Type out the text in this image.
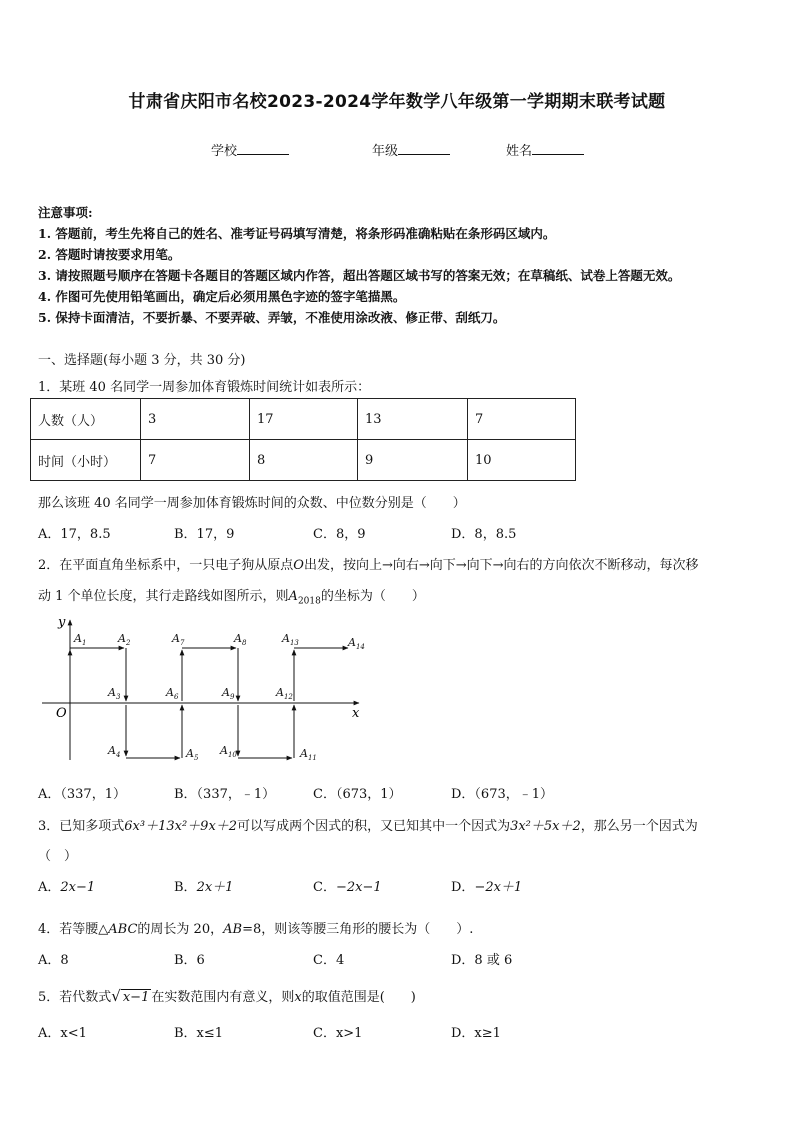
甘肃省庆阳市名校2023-2024学年数学八年级第一学期期末联考试题
学校	年级	姓名
注意事项:
1. 答题前，考生先将自己的姓名、准考证号码填写清楚，将条形码准确粘贴在条形码区域内。
2. 答题时请按要求用笔。
3. 请按照题号顺序在答题卡各题目的答题区域内作答，超出答题区域书写的答案无效；在草稿纸、试卷上答题无效。
4. 作图可先使用铅笔画出，确定后必须用黑色字迹的签字笔描黑。
5. 保持卡面清洁，不要折暴、不要弄破、弄皱，不准使用涂改液、修正带、刮纸刀。
一、选择题(每小题 3 分，共 30 分)
1．某班 40 名同学一周参加体育锻炼时间统计如表所示：
人数（人）	3	17	13	7
时间（小时）	7	8	9	10
那么该班 40 名同学一周参加体育锻炼时间的众数、中位数分别是（　　）
A．17，8.5	B．17，9	C．8，9	D．8，8.5
2．在平面直角坐标系中，一只电子狗从原点O出发，按向上→向右→向下→向下→向右的方向依次不断移动，每次移
动 1 个单位长度，其行走路线如图所示，则$A_{2018}$的坐标为（　　）
y
x
O
$A_1$	$A_2$
$A_3$
$A_4$	$A_5$
$A_6$
$A_7$	$A_8$
$A_9$
$A_{10}$	$A_{11}$
$A_{12}$
$A_{13}$	$A_{14}$
A．（337，1）	B．（337，﹣1）	C．（673，1）	D．（673，﹣1）
3．已知多项式6x³＋13x²＋9x＋2可以写成两个因式的积，又已知其中一个因式为3x²＋5x＋2，那么另一个因式为
（　）
A．2x−1	B．2x＋1	C．−2x−1	D．−2x＋1
4．若等腰△ABC的周长为 20，AB=8，则该等腰三角形的腰长为（　　）.
A．8	B．6	C．4	D．8 或 6
5．若代数式√ x−1 在实数范围内有意义，则x的取值范围是(　　)
A．x<1	B．x≤1	C．x>1	D．x≥1
